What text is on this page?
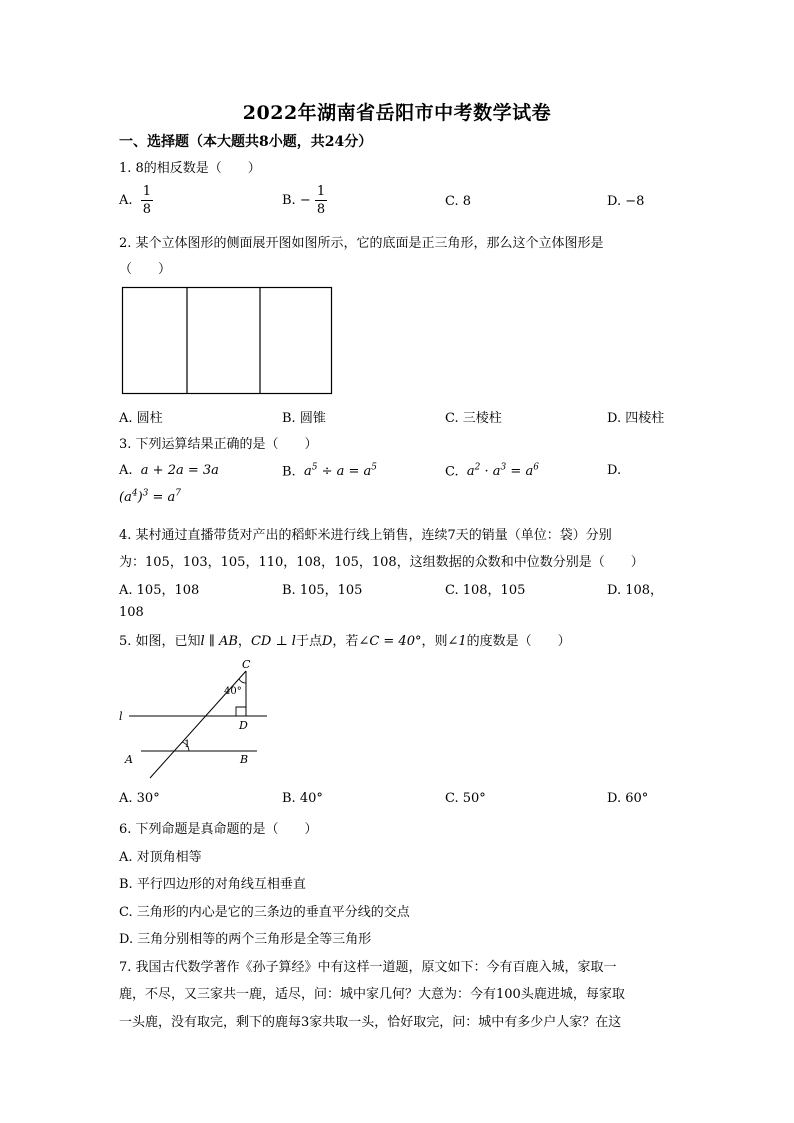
2022年湖南省岳阳市中考数学试卷
一、选择题（本大题共8小题，共24分）
1. 8的相反数是（　　）
A. $\frac{1}{8}$	B. − $\frac{1}{8}$	C. 8	D. −8
2. 某个立体图形的侧面展开图如图所示，它的底面是正三角形，那么这个立体图形是
（　　）
A. 圆柱	B. 圆锥	C. 三棱柱	D. 四棱柱
3. 下列运算结果正确的是（　　）
A. a + 2a = 3a	B. $a^5 \div a = a^5$	C. $a^2 \cdot a^3 = a^6$	D.
$(a^4)^3 = a^7$
4. 某村通过直播带货对产出的稻虾米进行线上销售，连续7天的销量（单位：袋）分别
为：105，103，105，110，108，105，108，这组数据的众数和中位数分别是（　　）
A. 105，108	B. 105，105	C. 108，105	D. 108，
108
5. 如图，已知l ∥ AB，CD ⊥ l于点D，若∠C = 40°，则∠1的度数是（　　）
C
40°
l
D
A	B
1
A. 30°	B. 40°	C. 50°	D. 60°
6. 下列命题是真命题的是（　　）
A. 对顶角相等
B. 平行四边形的对角线互相垂直
C. 三角形的内心是它的三条边的垂直平分线的交点
D. 三角分别相等的两个三角形是全等三角形
7. 我国古代数学著作《孙子算经》中有这样一道题，原文如下：今有百鹿入城，家取一
鹿，不尽，又三家共一鹿，适尽，问：城中家几何？大意为：今有100头鹿进城，每家取
一头鹿，没有取完，剩下的鹿每3家共取一头，恰好取完，问：城中有多少户人家？在这
